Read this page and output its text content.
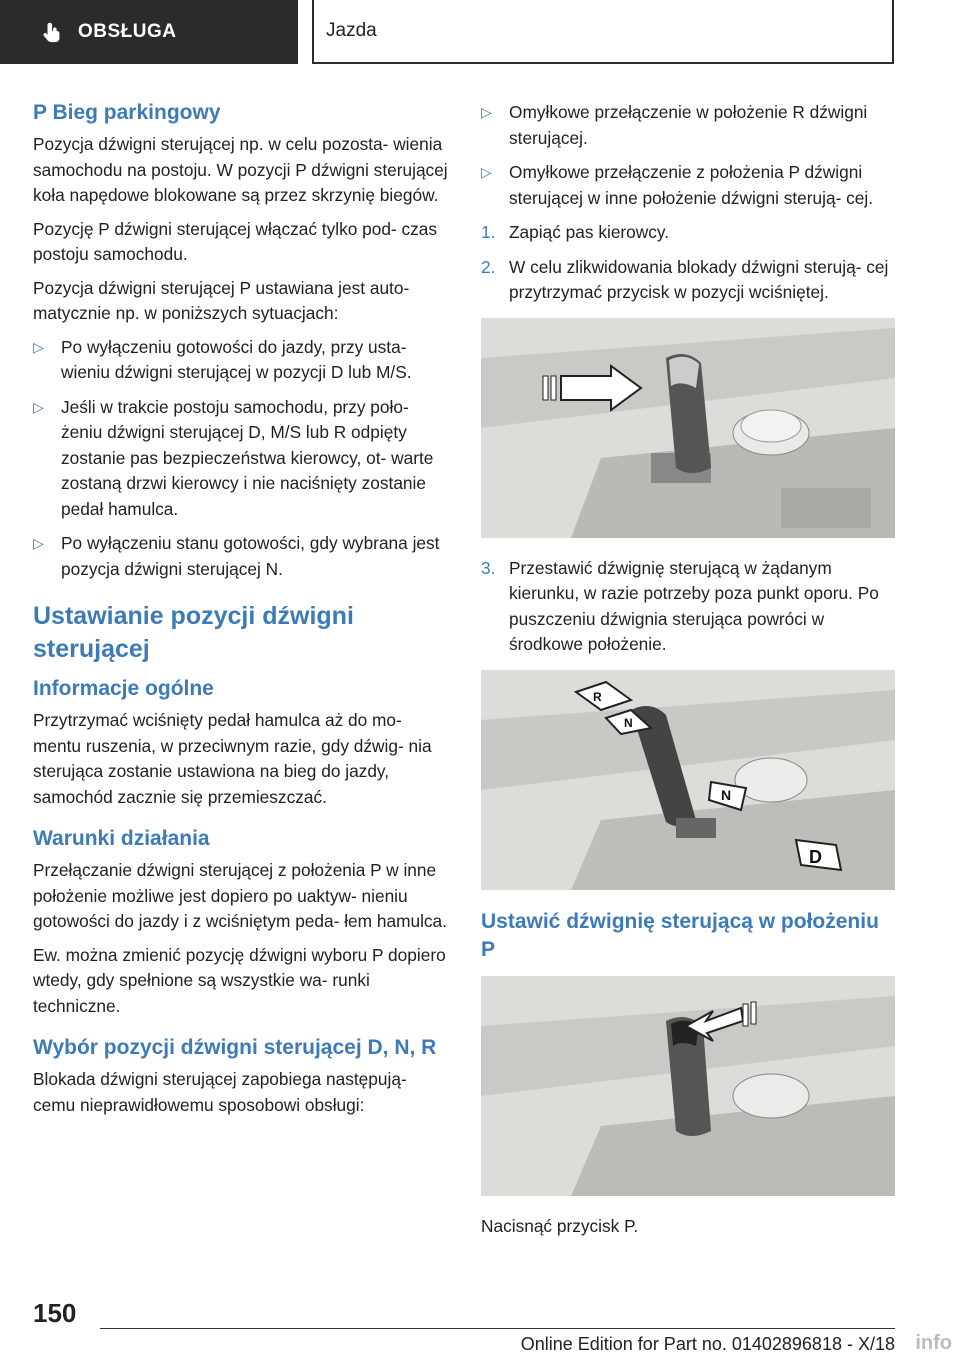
OBSŁUGA	Jazda
P Bieg parkingowy
Pozycja dźwigni sterującej np. w celu pozosta- wienia samochodu na postoju. W pozycji P dźwigni sterującej koła napędowe blokowane są przez skrzynię biegów.
Pozycję P dźwigni sterującej włączać tylko pod- czas postoju samochodu.
Pozycja dźwigni sterującej P ustawiana jest auto- matycznie np. w poniższych sytuacjach:
▷ Po wyłączeniu gotowości do jazdy, przy usta- wieniu dźwigni sterującej w pozycji D lub M/S.
▷ Jeśli w trakcie postoju samochodu, przy poło- żeniu dźwigni sterującej D, M/S lub R odpięty zostanie pas bezpieczeństwa kierowcy, ot- warte zostaną drzwi kierowcy i nie naciśnięty zostanie pedał hamulca.
▷ Po wyłączeniu stanu gotowości, gdy wybrana jest pozycja dźwigni sterującej N.
Ustawianie pozycji dźwigni sterującej
Informacje ogólne
Przytrzymać wciśnięty pedał hamulca aż do mo- mentu ruszenia, w przeciwnym razie, gdy dźwig- nia sterująca zostanie ustawiona na bieg do jazdy, samochód zacznie się przemieszczać.
Warunki działania
Przełączanie dźwigni sterującej z położenia P w inne położenie możliwe jest dopiero po uaktyw- nieniu gotowości do jazdy i z wciśniętym peda- łem hamulca.
Ew. można zmienić pozycję dźwigni wyboru P dopiero wtedy, gdy spełnione są wszystkie wa- runki techniczne.
Wybór pozycji dźwigni sterującej D, N, R
Blokada dźwigni sterującej zapobiega następują- cemu nieprawidłowemu sposobowi obsługi:
▷ Omyłkowe przełączenie w położenie R dźwigni sterującej.
▷ Omyłkowe przełączenie z położenia P dźwigni sterującej w inne położenie dźwigni sterują- cej.
1. Zapiąć pas kierowcy.
2. W celu zlikwidowania blokady dźwigni sterują- cej przytrzymać przycisk w pozycji wciśniętej.
3. Przestawić dźwignię sterującą w żądanym kierunku, w razie potrzeby poza punkt oporu. Po puszczeniu dźwignia sterująca powróci w środkowe położenie.
R
N
N
D
Ustawić dźwignię sterującą w położeniu P
Nacisnąć przycisk P.
150
Online Edition for Part no. 01402896818 - X/18 info
